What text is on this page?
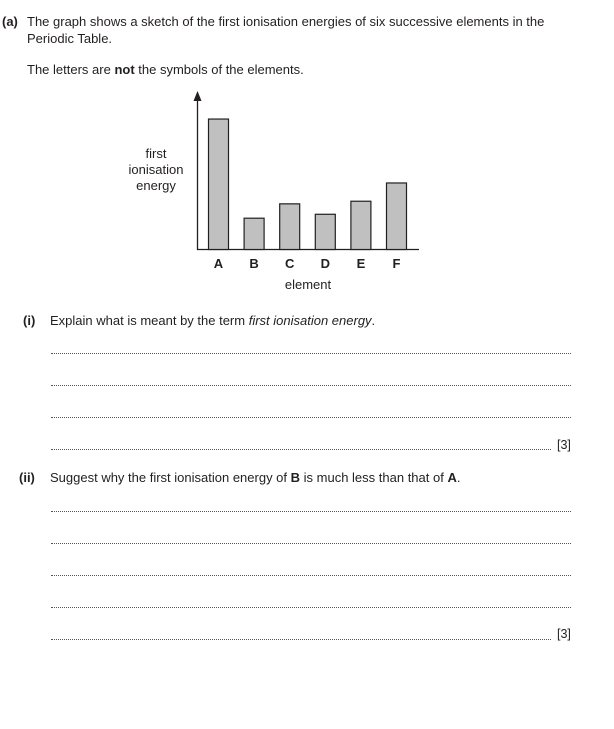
(a) The graph shows a sketch of the first ionisation energies of six successive elements in the
Periodic Table.
The letters are not the symbols of the elements.
A B C D E F
first
ionisation
energy
element
(i) Explain what is meant by the term first ionisation energy.
[3]
(ii) Suggest why the first ionisation energy of B is much less than that of A.
[3]
